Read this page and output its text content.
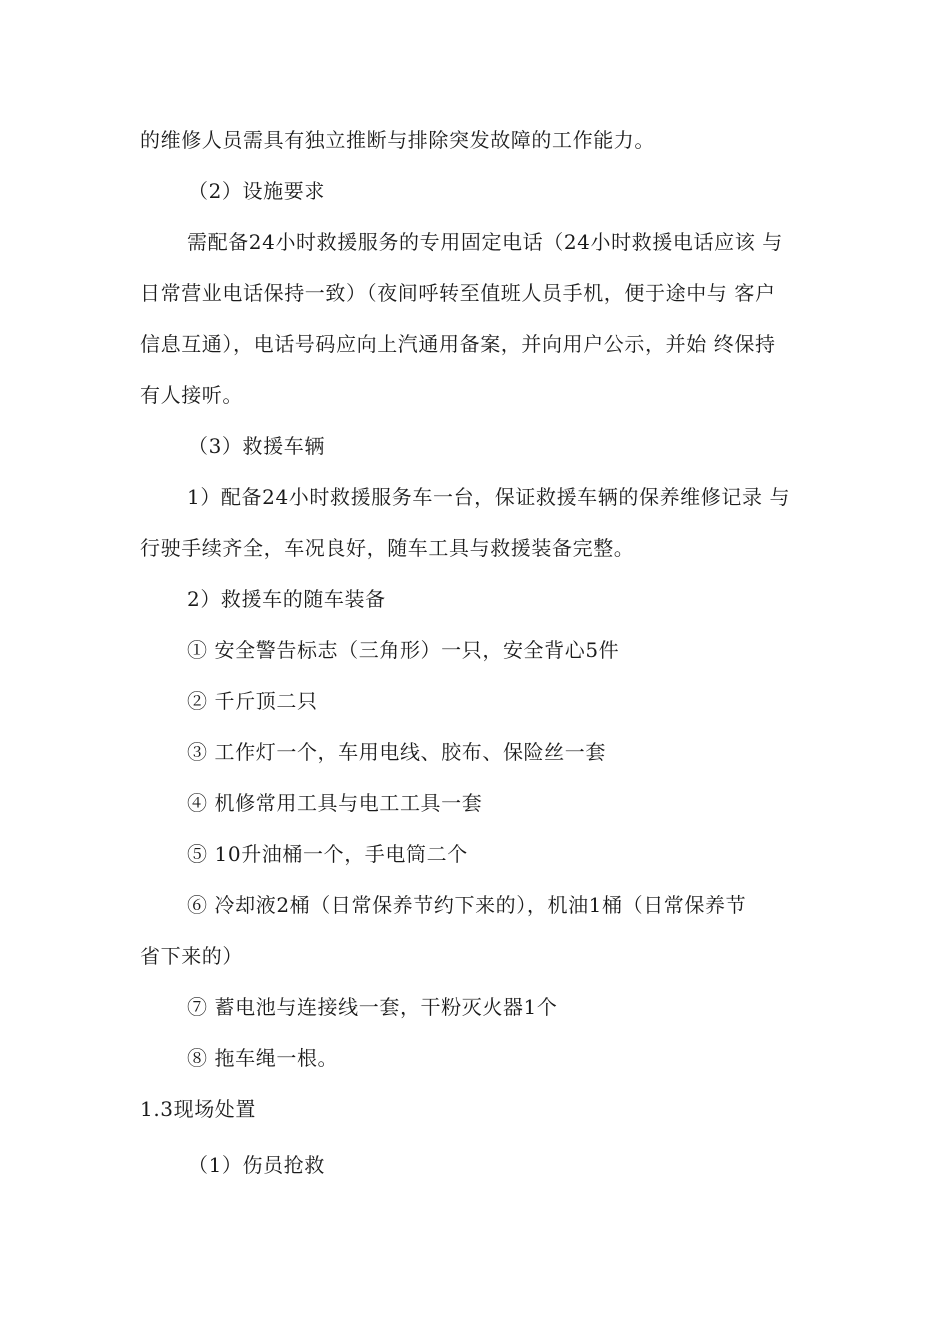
的维修人员需具有独立推断与排除突发故障的工作能力。
（2）设施要求
需配备24小时救援服务的专用固定电话（24小时救援电话应该 与
日常营业电话保持一致）（夜间呼转至值班人员手机，便于途中与 客户
信息互通），电话号码应向上汽通用备案，并向用户公示，并始 终保持
有人接听。
（3）救援车辆
1）配备24小时救援服务车一台，保证救援车辆的保养维修记录 与
行驶手续齐全，车况良好，随车工具与救援装备完整。
2）救援车的随车装备
① 安全警告标志（三角形）一只，安全背心5件
② 千斤顶二只
③ 工作灯一个，车用电线、胶布、保险丝一套
④ 机修常用工具与电工工具一套
⑤ 10升油桶一个，手电筒二个
⑥ 冷却液2桶（日常保养节约下来的），机油1桶（日常保养节
省下来的）
⑦ 蓄电池与连接线一套，干粉灭火器1个
⑧ 拖车绳一根。
1.3现场处置
（1）伤员抢救
